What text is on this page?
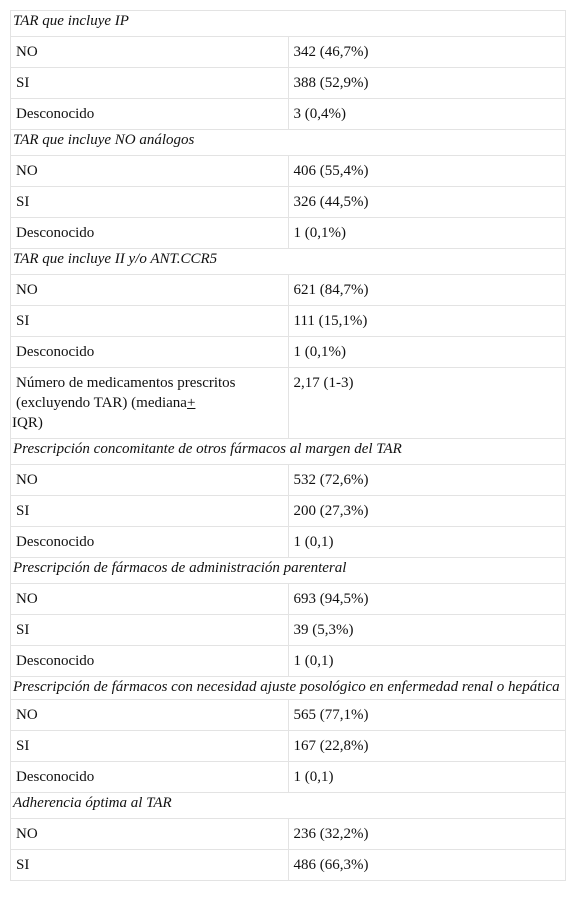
TAR que incluye IP	
NO	342 (46,7%)
SI	388 (52,9%)
Desconocido	3 (0,4%)
TAR que incluye NO análogos	
NO	406 (55,4%)
SI	326 (44,5%)
Desconocido	1 (0,1%)
TAR que incluye II y/o ANT.CCR5	
NO	621 (84,7%)
SI	111 (15,1%)
Desconocido	1 (0,1%)
Número de medicamentos prescritos (excluyendo TAR) (mediana+
IQR)	2,17 (1-3)
Prescripción concomitante de otros fármacos al margen del TAR	
NO	532 (72,6%)
SI	200 (27,3%)
Desconocido	1 (0,1)
Prescripción de fármacos de administración parenteral	
NO	693 (94,5%)
SI	39 (5,3%)
Desconocido	1 (0,1)
Prescripción de fármacos con necesidad ajuste posológico en enfermedad renal o hepática	
NO	565 (77,1%)
SI	167 (22,8%)
Desconocido	1 (0,1)
Adherencia óptima al TAR	
NO	236 (32,2%)
SI	486 (66,3%)
